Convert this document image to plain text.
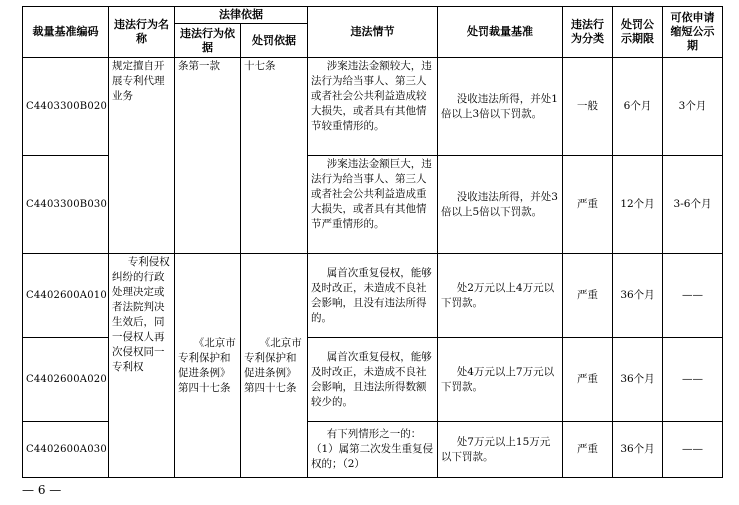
裁量基准编码	违法行为名称	法律依据		违法情节	处罚裁量基准	违法行为分类	处罚公示期限	可依申请缩短公示期
		违法行为依据	处罚依据					
C4403300B020	规定擅自开展专利代理业务	条第一款	十七条	涉案违法金额较大，违法行为给当事人、第三人或者社会公共利益造成较大损失，或者具有其他情节较重情形的。	没收违法所得，并处1倍以上3倍以下罚款。	一般	6个月	3个月
C4403300B030				涉案违法金额巨大，违法行为给当事人、第三人或者社会公共利益造成重大损失，或者具有其他情节严重情形的。	没收违法所得，并处3倍以上5倍以下罚款。	严重	12个月	3-6个月
C4402600A010	专利侵权纠纷的行政处理决定或者法院判决生效后，同一侵权人再次侵权同一专利权	《北京市专利保护和促进条例》第四十七条	《北京市专利保护和促进条例》第四十七条	属首次重复侵权，能够及时改正，未造成不良社会影响，且没有违法所得的。	处2万元以上4万元以下罚款。	严重	36个月	——
C4402600A020				属首次重复侵权，能够及时改正，未造成不良社会影响，且违法所得数额较少的。	处4万元以上7万元以下罚款。	严重	36个月	——
C4402600A030				有下列情形之一的：（1）属第二次发生重复侵权的；（2）	处7万元以上15万元以下罚款。	严重	36个月	——
— 6 —
